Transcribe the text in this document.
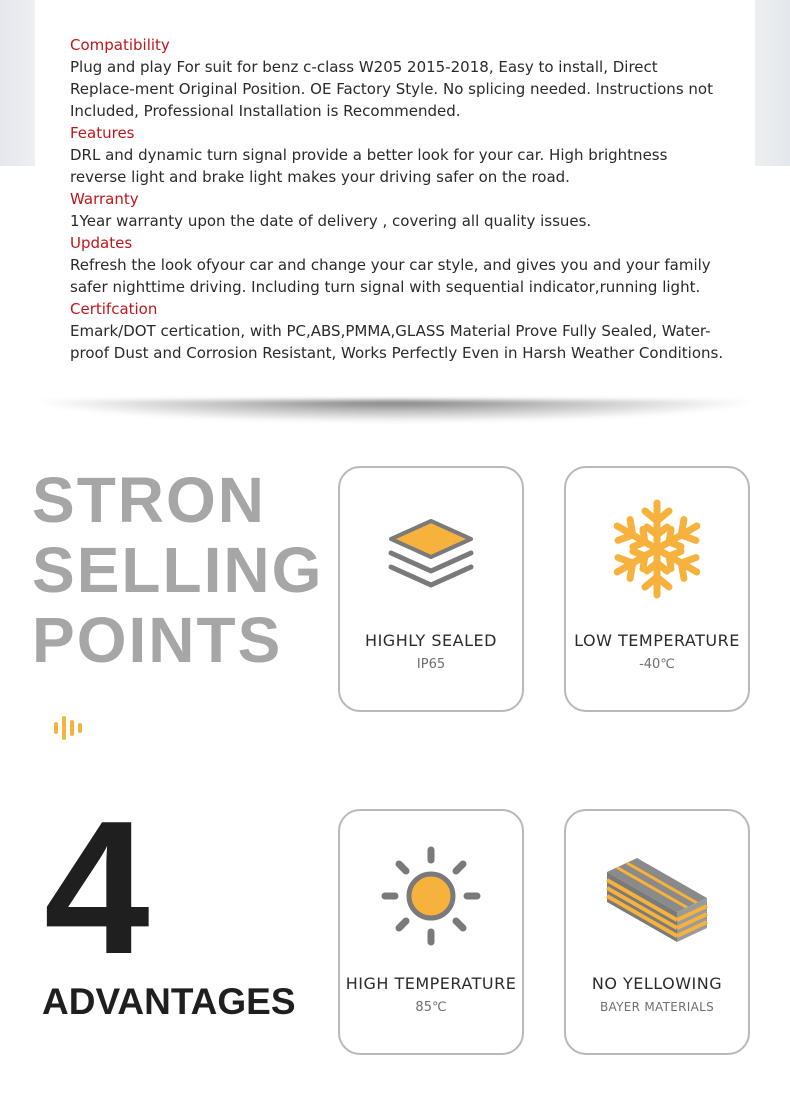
Compatibility

Plug and play For suit for benz c-class W205 2015-2018, Easy to install, Direct Replace-ment Original Position. OE Factory Style. No splicing needed. lnstructions not Included, Professional Installation is Recommended.

Features

DRL and dynamic turn signal provide a better look for your car. High brightness reverse light and brake light makes your driving safer on the road.

Warranty

1Year warranty upon the date of delivery , covering all quality issues.

Updates

Refresh the look ofyour car and change your car style, and gives you and your family safer nighttime driving. Including turn signal with sequential indicator,running light.

Certifcation

Emark/DOT certication, with PC,ABS,PMMA,GLASS Material Prove Fully Sealed, Water-proof Dust and Corrosion Resistant, Works Perfectly Even in Harsh Weather Conditions.

STRON
SELLING
POINTS
4
ADVANTAGES
HIGHLY SEALED
IP65
LOW TEMPERATURE
-40℃
HIGH TEMPERATURE
85℃
NO YELLOWING
BAYER MATERIALS
